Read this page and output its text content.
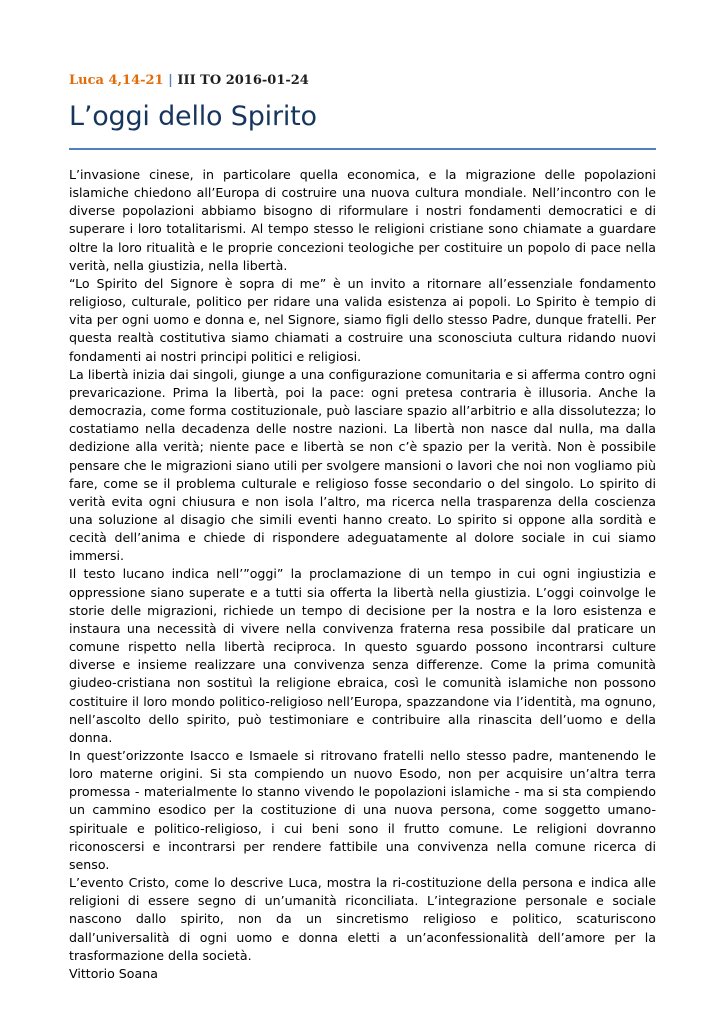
Luca 4,14-21 | III TO 2016-01-24
L’oggi dello Spirito

L’invasione cinese, in particolare quella economica, e la migrazione delle popolazioni islamiche chiedono all’Europa di costruire una nuova cultura mondiale. Nell’incontro con le diverse popolazioni abbiamo bisogno di riformulare i nostri fondamenti democratici e di superare i loro totalitarismi. Al tempo stesso le religioni cristiane sono chiamate a guardare oltre la loro ritualità e le proprie concezioni teologiche per costituire un popolo di pace nella verità, nella giustizia, nella libertà.

“Lo Spirito del Signore è sopra di me” è un invito a ritornare all’essenziale fondamento religioso, culturale, politico per ridare una valida esistenza ai popoli. Lo Spirito è tempio di vita per ogni uomo e donna e, nel Signore, siamo figli dello stesso Padre, dunque fratelli. Per questa realtà costitutiva siamo chiamati a costruire una sconosciuta cultura ridando nuovi fondamenti ai nostri principi politici e religiosi.

La libertà inizia dai singoli, giunge a una configurazione comunitaria e si afferma contro ogni prevaricazione. Prima la libertà, poi la pace: ogni pretesa contraria è illusoria. Anche la democrazia, come forma costituzionale, può lasciare spazio all’arbitrio e alla dissolutezza; lo costatiamo nella decadenza delle nostre nazioni. La libertà non nasce dal nulla, ma dalla dedizione alla verità; niente pace e libertà se non c’è spazio per la verità. Non è possibile pensare che le migrazioni siano utili per svolgere mansioni o lavori che noi non vogliamo più fare, come se il problema culturale e religioso fosse secondario o del singolo. Lo spirito di verità evita ogni chiusura e non isola l’altro, ma ricerca nella trasparenza della coscienza una soluzione al disagio che simili eventi hanno creato. Lo spirito si oppone alla sordità e cecità dell’anima e chiede di rispondere adeguatamente al dolore sociale in cui siamo immersi.

Il testo lucano indica nell’”oggi” la proclamazione di un tempo in cui ogni ingiustizia e oppressione siano superate e a tutti sia offerta la libertà nella giustizia. L’oggi coinvolge le storie delle migrazioni, richiede un tempo di decisione per la nostra e la loro esistenza e instaura una necessità di vivere nella convivenza fraterna resa possibile dal praticare un comune rispetto nella libertà reciproca. In questo sguardo possono incontrarsi culture diverse e insieme realizzare una convivenza senza differenze. Come la prima comunità giudeo-cristiana non sostituì la religione ebraica, così le comunità islamiche non possono costituire il loro mondo politico-religioso nell’Europa, spazzandone via l’identità, ma ognuno, nell’ascolto dello spirito, può testimoniare e contribuire alla rinascita dell’uomo e della donna.

In quest’orizzonte Isacco e Ismaele si ritrovano fratelli nello stesso padre, mantenendo le loro materne origini. Si sta compiendo un nuovo Esodo, non per acquisire un’altra terra promessa - materialmente lo stanno vivendo le popolazioni islamiche - ma si sta compiendo un cammino esodico per la costituzione di una nuova persona, come soggetto umano-spirituale e politico-religioso, i cui beni sono il frutto comune. Le religioni dovranno riconoscersi e incontrarsi per rendere fattibile una convivenza nella comune ricerca di senso.

L’evento Cristo, come lo descrive Luca, mostra la ri-costituzione della persona e indica alle religioni di essere segno di un’umanità riconciliata. L’integrazione personale e sociale nascono dallo spirito, non da un sincretismo religioso e politico, scaturiscono dall’universalità di ogni uomo e donna eletti a un’aconfessionalità dell’amore per la trasformazione della società.

Vittorio Soana
